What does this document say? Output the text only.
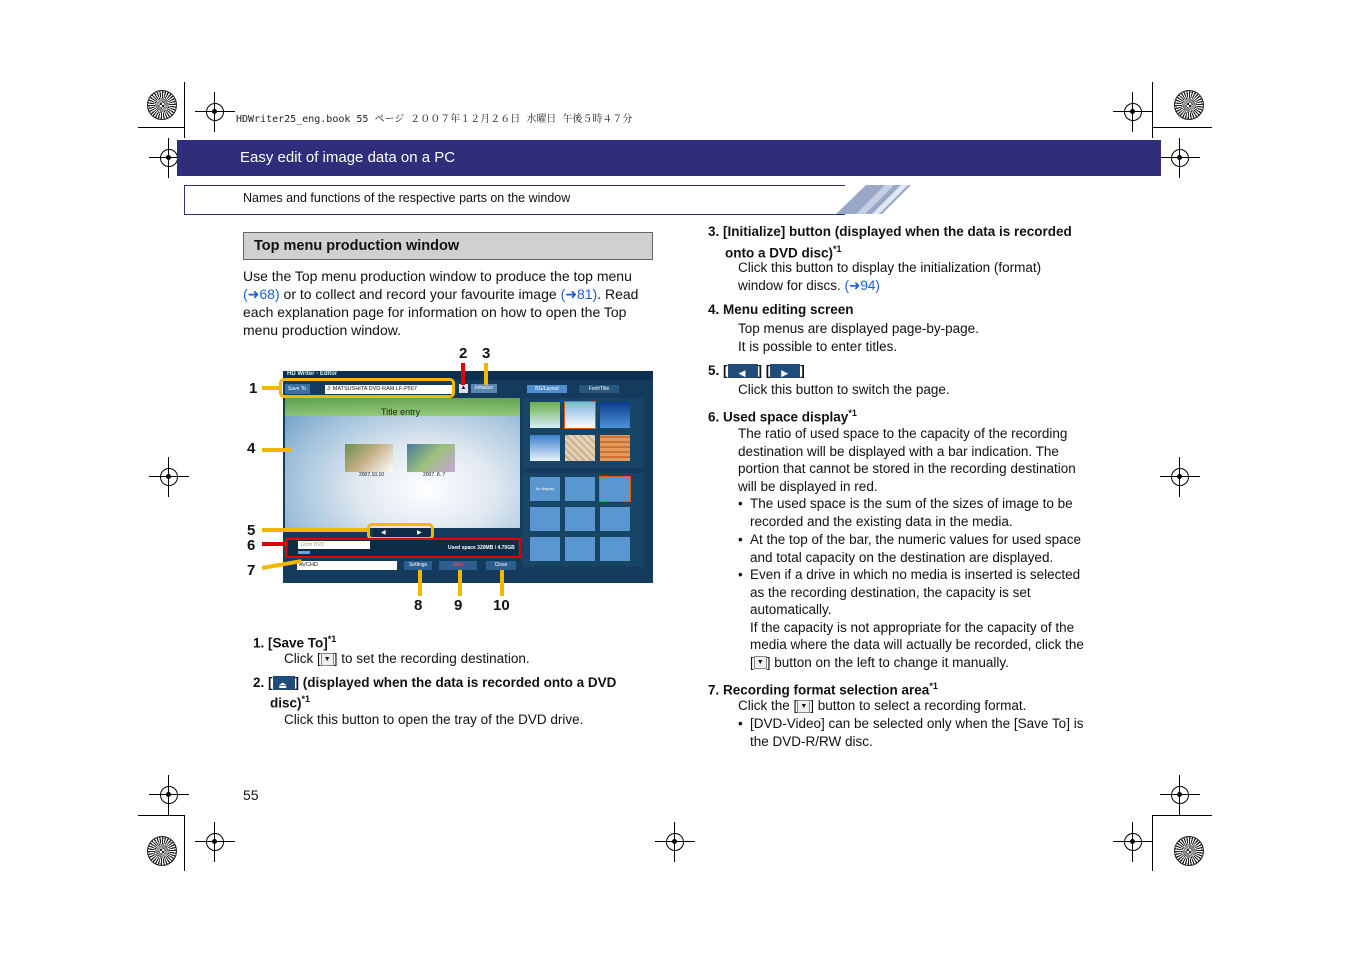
HDWriter25_eng.book 55 ページ ２００７年１２月２６日 水曜日 午後５時４７分
Easy edit of image data on a PC
Names and functions of the respective parts on the window
Top menu production window
Use the Top menu production window to produce the top menu
(➜68) or to collect and record your favourite image (➜81). Read
each explanation page for information on how to open the Top
menu production window.
HD Writer - Editor
Save To	J: MATSUSHITA DVD-RAM LF-P567	▲	Initialize	BG/Layout	Font/Title
Title entry
2007.10.10	2007. 8. 7
◀	▶
12cm DVD	Used space 320MB / 4.70GB
AVCHD	Settings	Start	Close
No display
1
2 3
4
5
6
7
8 9 10
1. [Save To]$^{*1}$
Click [ ▼ ] to set the recording destination.
2. [ ⏏ ] (displayed when the data is recorded onto a DVD
disc)$^{*1}$
Click this button to open the tray of the DVD drive.
55
3. [Initialize] button (displayed when the data is recorded
onto a DVD disc)$^{*1}$
Click this button to display the initialization (format)
window for discs. (➜94)
4. Menu editing screen
Top menus are displayed page-by-page.
It is possible to enter titles.
5. [ ◀ ] [ ▶ ]
Click this button to switch the page.
6. Used space display$^{*1}$
The ratio of used space to the capacity of the recording
destination will be displayed with a bar indication. The
portion that cannot be stored in the recording destination
will be displayed in red.
• The used space is the sum of the sizes of image to be
recorded and the existing data in the media.
• At the top of the bar, the numeric values for used space
and total capacity on the destination are displayed.
• Even if a drive in which no media is inserted is selected
as the recording destination, the capacity is set
automatically.
If the capacity is not appropriate for the capacity of the
media where the data will actually be recorded, click the
[ ▼ ] button on the left to change it manually.
7. Recording format selection area$^{*1}$
Click the [ ▼ ] button to select a recording format.
• [DVD-Video] can be selected only when the [Save To] is
the DVD-R/RW disc.
